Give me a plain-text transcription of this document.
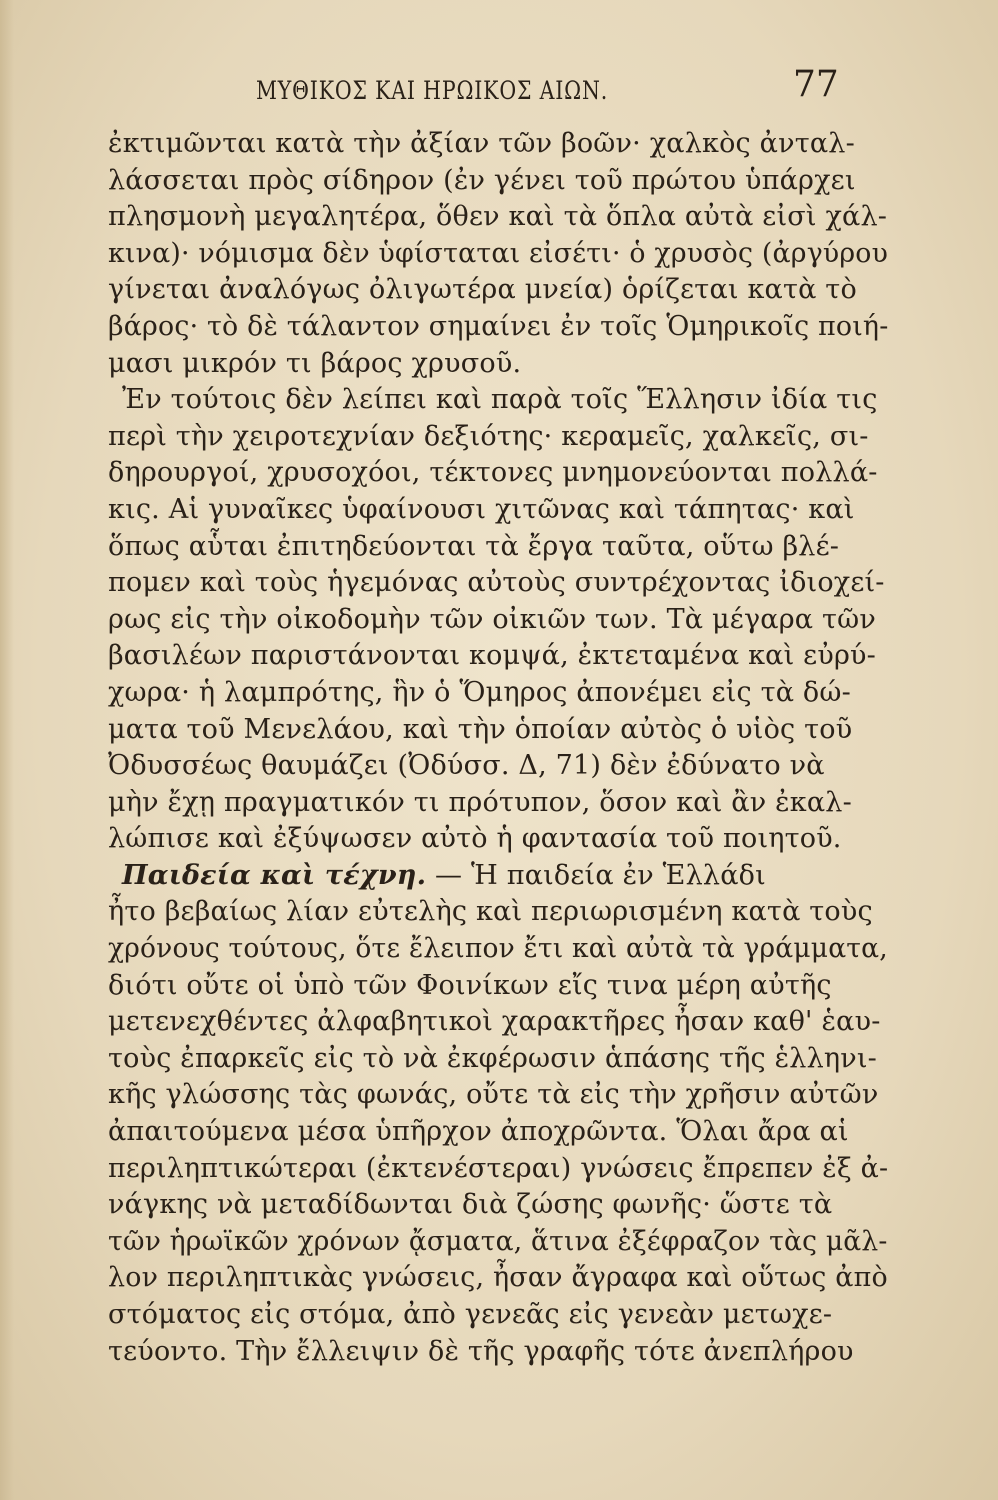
ΜΥΘΙΚΟΣ ΚΑΙ ΗΡΩΙΚΟΣ ΑΙΩΝ.	77
ἐκτιμῶνται κατὰ τὴν ἀξίαν τῶν βοῶν· χαλκὸς ἀνταλ-
λάσσεται πρὸς σίδηρον (ἐν γένει τοῦ πρώτου ὑπάρχει
πλησμονὴ μεγαλητέρα, ὅθεν καὶ τὰ ὅπλα αὐτὰ εἰσὶ χάλ-
κινα)· νόμισμα δὲν ὑφίσταται εἰσέτι· ὁ χρυσὸς (ἀργύρου
γίνεται ἀναλόγως ὀλιγωτέρα μνεία) ὁρίζεται κατὰ τὸ
βάρος· τὸ δὲ τάλαντον σημαίνει ἐν τοῖς Ὁμηρικοῖς ποιή-
μασι μικρόν τι βάρος χρυσοῦ.
Ἐν τούτοις δὲν λείπει καὶ παρὰ τοῖς Ἕλλησιν ἰδία τις
περὶ τὴν χειροτεχνίαν δεξιότης· κεραμεῖς, χαλκεῖς, σι-
δηρουργοί, χρυσοχόοι, τέκτονες μνημονεύονται πολλά-
κις. Αἱ γυναῖκες ὑφαίνουσι χιτῶνας καὶ τάπητας· καὶ
ὅπως αὗται ἐπιτηδεύονται τὰ ἔργα ταῦτα, οὕτω βλέ-
πομεν καὶ τοὺς ἡγεμόνας αὐτοὺς συντρέχοντας ἰδιοχεί-
ρως εἰς τὴν οἰκοδομὴν τῶν οἰκιῶν των. Τὰ μέγαρα τῶν
βασιλέων παριστάνονται κομψά, ἐκτεταμένα καὶ εὐρύ-
χωρα· ἡ λαμπρότης, ἣν ὁ Ὅμηρος ἀπονέμει εἰς τὰ δώ-
ματα τοῦ Μενελάου, καὶ τὴν ὁποίαν αὐτὸς ὁ υἱὸς τοῦ
Ὀδυσσέως θαυμάζει (Ὀδύσσ. Δ, 71) δὲν ἐδύνατο νὰ
μὴν ἔχῃ πραγματικόν τι πρότυπον, ὅσον καὶ ἂν ἐκαλ-
λώπισε καὶ ἐξύψωσεν αὐτὸ ἡ φαντασία τοῦ ποιητοῦ.
Παιδεία καὶ τέχνη. — Ἡ παιδεία ἐν Ἑλλάδι
ἦτο βεβαίως λίαν εὐτελὴς καὶ περιωρισμένη κατὰ τοὺς
χρόνους τούτους, ὅτε ἔλειπον ἔτι καὶ αὐτὰ τὰ γράμματα,
διότι οὔτε οἱ ὑπὸ τῶν Φοινίκων εἴς τινα μέρη αὐτῆς
μετενεχθέντες ἀλφαβητικοὶ χαρακτῆρες ἦσαν καθ' ἑαυ-
τοὺς ἐπαρκεῖς εἰς τὸ νὰ ἐκφέρωσιν ἁπάσης τῆς ἑλληνι-
κῆς γλώσσης τὰς φωνάς, οὔτε τὰ εἰς τὴν χρῆσιν αὐτῶν
ἀπαιτούμενα μέσα ὑπῆρχον ἀποχρῶντα. Ὅλαι ἄρα αἱ
περιληπτικώτεραι (ἐκτενέστεραι) γνώσεις ἔπρεπεν ἐξ ἀ-
νάγκης νὰ μεταδίδωνται διὰ ζώσης φωνῆς· ὥστε τὰ
τῶν ἡρωϊκῶν χρόνων ᾄσματα, ἅτινα ἐξέφραζον τὰς μᾶλ-
λον περιληπτικὰς γνώσεις, ἦσαν ἄγραφα καὶ οὕτως ἀπὸ
στόματος εἰς στόμα, ἀπὸ γενεᾶς εἰς γενεὰν μετωχε-
τεύοντο. Τὴν ἔλλειψιν δὲ τῆς γραφῆς τότε ἀνεπλήρου
